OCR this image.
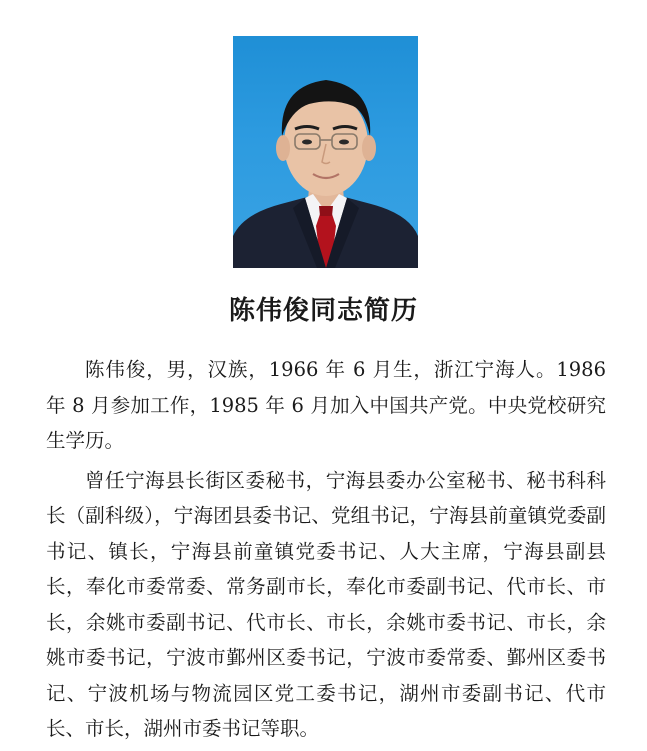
陈伟俊同志简历

陈伟俊，男，汉族，1966 年 6 月生，浙江宁海人。1986 年 8 月参加工作，1985 年 6 月加入中国共产党。中央党校研究生学历。

曾任宁海县长街区委秘书，宁海县委办公室秘书、秘书科科长（副科级），宁海团县委书记、党组书记，宁海县前童镇党委副书记、镇长，宁海县前童镇党委书记、人大主席，宁海县副县长，奉化市委常委、常务副市长，奉化市委副书记、代市长、市长，余姚市委副书记、代市长、市长，余姚市委书记、市长，余姚市委书记，宁波市鄞州区委书记，宁波市委常委、鄞州区委书记、宁波机场与物流园区党工委书记，湖州市委副书记、代市长、市长，湖州市委书记等职。
